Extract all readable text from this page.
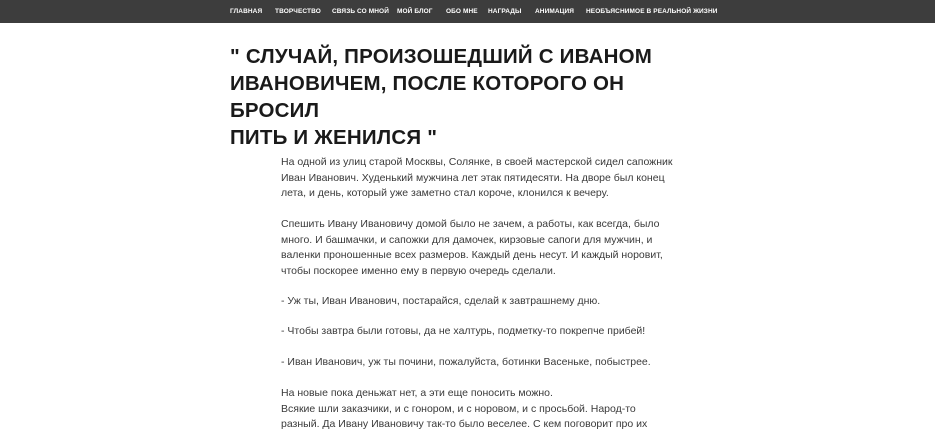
ГЛАВНАЯ ТВОРЧЕСТВО СВЯЗЬ СО МНОЙ МОЙ БЛОГ ОБО МНЕ НАГРАДЫ АНИМАЦИЯ НЕОБЪЯСНИМОЕ В РЕАЛЬНОЙ ЖИЗНИ
" СЛУЧАЙ, ПРОИЗОШЕДШИЙ С ИВАНОМ
ИВАНОВИЧЕМ, ПОСЛЕ КОТОРОГО ОН БРОСИЛ
ПИТЬ И ЖЕНИЛСЯ "

На одной из улиц старой Москвы, Солянке, в своей мастерской сидел сапожник
Иван Иванович. Худенький мужчина лет этак пятидесяти. На дворе был конец
лета, и день, который уже заметно стал короче, клонился к вечеру.

Спешить Ивану Ивановичу домой было не зачем, а работы, как всегда, было
много. И башмачки, и сапожки для дамочек, кирзовые сапоги для мужчин, и
валенки проношенные всех размеров. Каждый день несут. И каждый норовит,
чтобы поскорее именно ему в первую очередь сделали.

- Уж ты, Иван Иванович, постарайся, сделай к завтрашнему дню.

- Чтобы завтра были готовы, да не халтурь, подметку-то покрепче прибей!

- Иван Иванович, уж ты почини, пожалуйста, ботинки Васеньке, побыстрее.

На новые пока деньжат нет, а эти еще поносить можно.
Всякие шли заказчики, и с гонором, и с норовом, и с просьбой. Народ-то
разный. Да Ивану Ивановичу так-то было веселее. С кем поговорит про их
